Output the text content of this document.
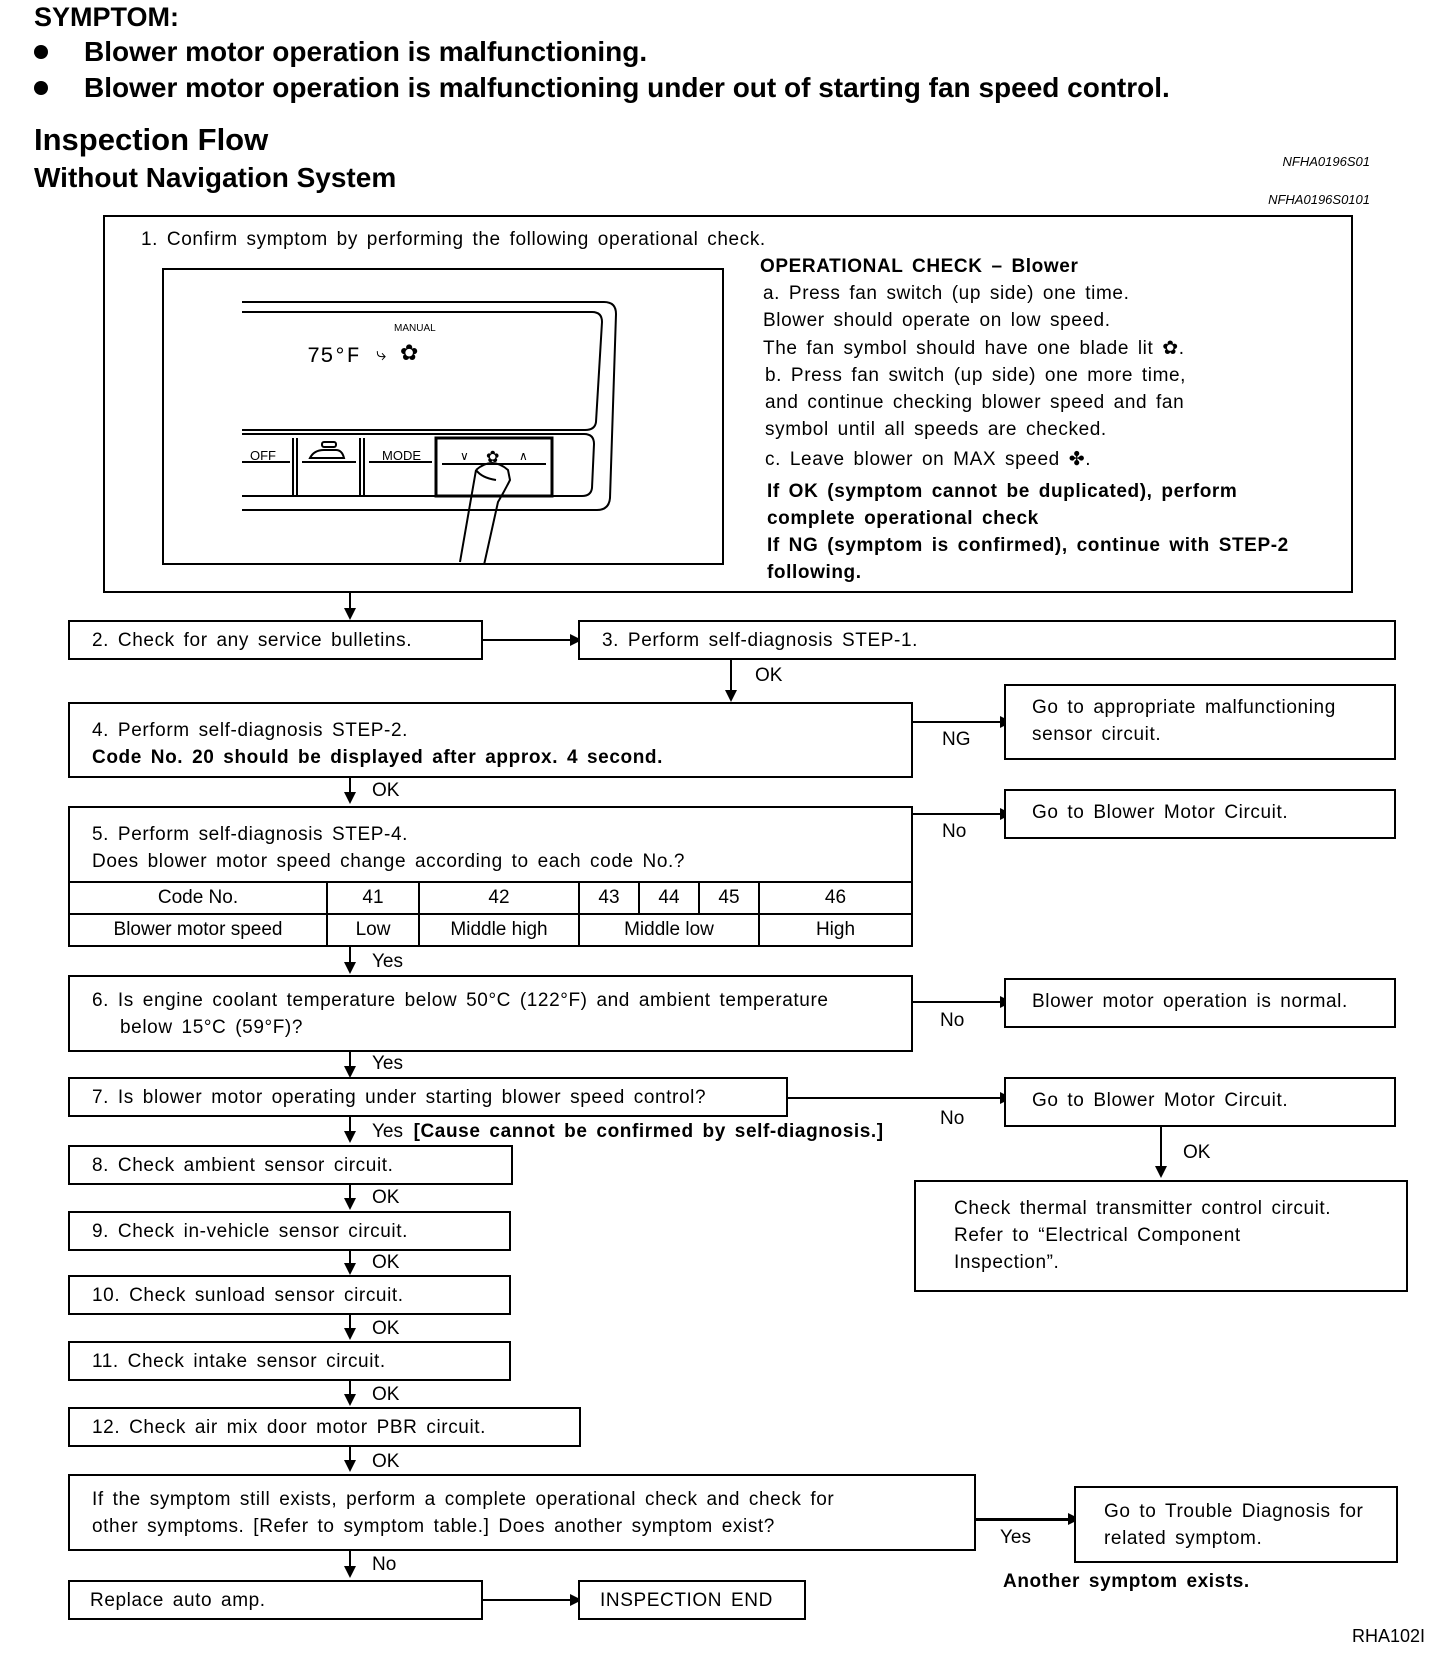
SYMPTOM:
Blower motor operation is malfunctioning.
Blower motor operation is malfunctioning under out of starting fan speed control.
Inspection Flow
Without Navigation System
NFHA0196S01
NFHA0196S0101
1. Confirm symptom by performing the following operational check.
MANUAL
75°F ✿
⤷
OFF	MODE	∨ ✿ ∧
OPERATIONAL CHECK – Blower
a. Press fan switch (up side) one time.
Blower should operate on low speed.
The fan symbol should have one blade lit ✿.
b. Press fan switch (up side) one more time,
and continue checking blower speed and fan
symbol until all speeds are checked.
c. Leave blower on MAX speed ✤.
If OK (symptom cannot be duplicated), perform
complete operational check
If NG (symptom is confirmed), continue with STEP-2
following.
2. Check for any service bulletins.	3. Perform self-diagnosis STEP-1.
OK
4. Perform self-diagnosis STEP-2.
Code No. 20 should be displayed after approx. 4 second.
NG
Go to appropriate malfunctioning
sensor circuit.
OK
5. Perform self-diagnosis STEP-4.
Does blower motor speed change according to each code No.?
Code No.	41	42	43	44	45	46
Blower motor speed	Low	Middle high	Middle low			High
No
Go to Blower Motor Circuit.
Yes
6. Is engine coolant temperature below 50°C (122°F) and ambient temperature
below 15°C (59°F)?	No
Blower motor operation is normal.
Yes
7. Is blower motor operating under starting blower speed control?
No
Go to Blower Motor Circuit.
OK
Check thermal transmitter control circuit.
Refer to “Electrical Component
Inspection”.
Yes [Cause cannot be confirmed by self-diagnosis.]
8. Check ambient sensor circuit.
OK
9. Check in-vehicle sensor circuit.
OK
10. Check sunload sensor circuit.
OK
11. Check intake sensor circuit.
OK
12. Check air mix door motor PBR circuit.
OK
If the symptom still exists, perform a complete operational check and check for
other symptoms. [Refer to symptom table.] Does another symptom exist?
Yes
Go to Trouble Diagnosis for
related symptom.
Another symptom exists.
No
Replace auto amp.	INSPECTION END
RHA102I
